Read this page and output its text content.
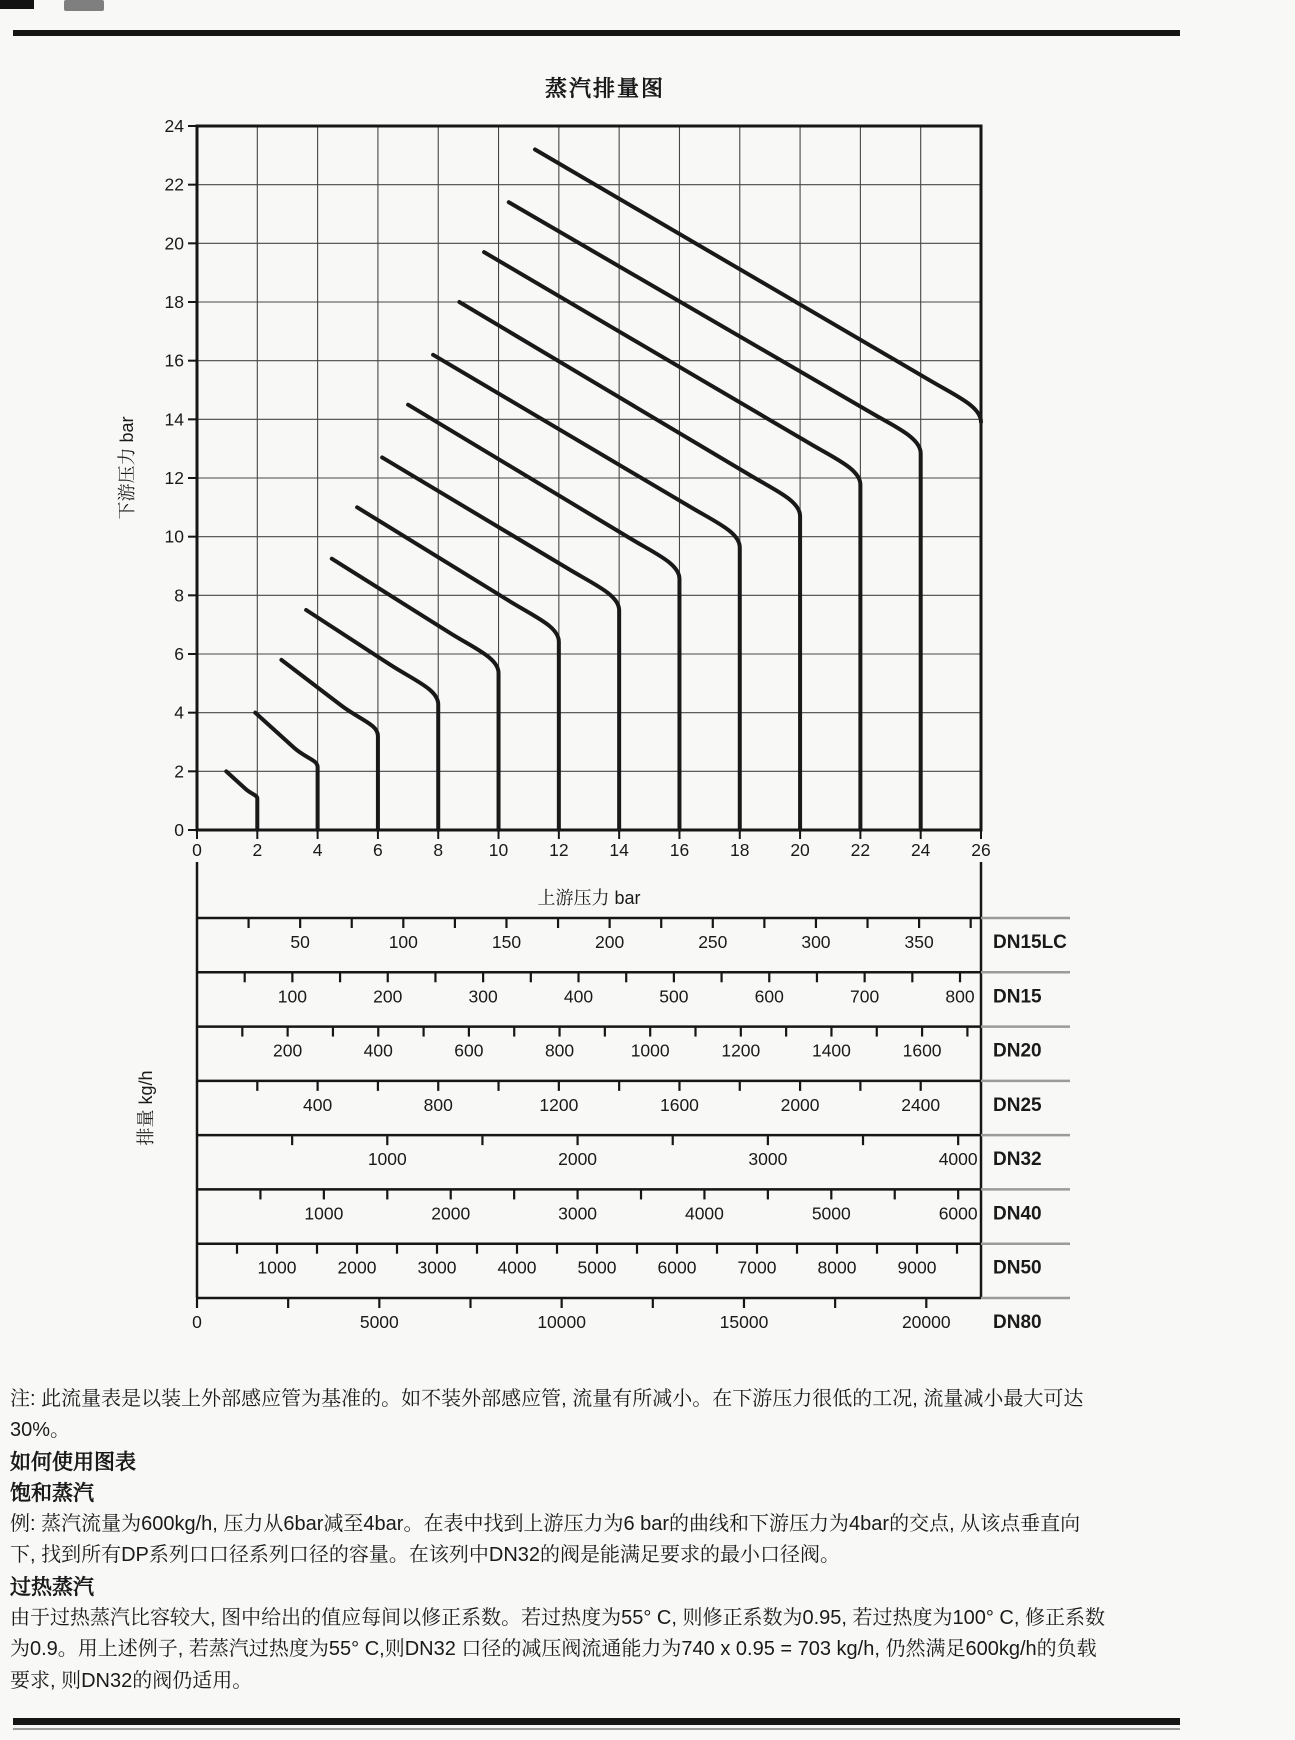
蒸汽排量图
0	2	4	6	8	10 12 14 16 18 20 22 24 26
0
2
4
6
8
10
12
14
16
18
20
22
24
下游压力 bar
上游压力 bar
50	100	150	200	250	300	350	DN15LC
100	200	300	400	500	600	700	800 DN15
200	400	600	800	1000	1200	1400	1600	DN20
400	800	1200	1600	2000	2400	DN25
1000	2000	3000	4000 DN32
1000	2000	3000	4000	5000	6000 DN40
1000 2000 3000 4000 5000 6000 7000 8000 9000	DN50
0	5000	10000	15000	20000 DN80
排量 kg/h
注: 此流量表是以装上外部感应管为基准的。如不装外部感应管, 流量有所减小。在下游压力很低的工况, 流量减小最大可达
30%。
如何使用图表
饱和蒸汽
例: 蒸汽流量为600kg/h, 压力从6bar减至4bar。在表中找到上游压力为6 bar的曲线和下游压力为4bar的交点, 从该点垂直向
下, 找到所有DP系列口口径系列口径的容量。在该列中DN32的阀是能满足要求的最小口径阀。
过热蒸汽
由于过热蒸汽比容较大, 图中给出的值应每间以修正系数。若过热度为55° C, 则修正系数为0.95, 若过热度为100° C, 修正系数
为0.9。用上述例子, 若蒸汽过热度为55° C,则DN32 口径的减压阀流通能力为740 x 0.95 = 703 kg/h, 仍然满足600kg/h的负载
要求, 则DN32的阀仍适用。
